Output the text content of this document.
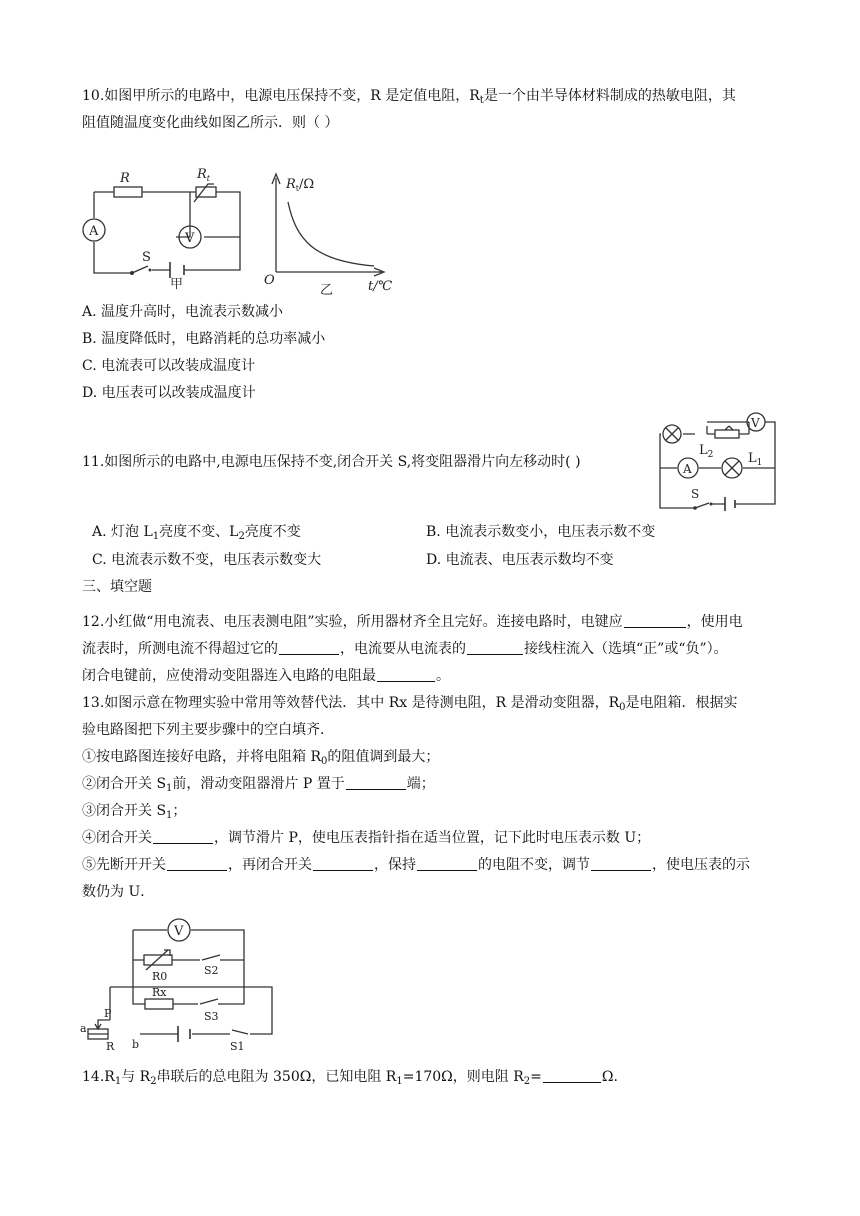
10.如图甲所示的电路中，电源电压保持不变，R 是定值电阻，$R_t$是一个由半导体材料制成的热敏电阻，其
阻值随温度变化曲线如图乙所示．则（ ）
A	V
R	$R_t$
S
甲
$R_t/\Omega$
O
乙	t/℃
A. 温度升高时，电流表示数减小
B. 温度降低时，电路消耗的总功率减小
C. 电流表可以改装成温度计
D. 电压表可以改装成温度计
11.如图所示的电路中,电源电压保持不变,闭合开关 S,将变阻器滑片向左移动时( )
V
A
$L_2$	$L_1$
S
A. 灯泡 $L_1$亮度不变、$L_2$亮度不变	B. 电流表示数变小，电压表示数不变
C. 电流表示数不变，电压表示数变大	D. 电流表、电压表示数均不变
三、填空题
12.小红做“用电流表、电压表测电阻”实验，所用器材齐全且完好。连接电路时，电键应	，使用电
流表时，所测电流不得超过它的	，电流要从电流表的	接线柱流入（选填“正”或“负”）。
闭合电键前，应使滑动变阻器连入电路的电阻最	。
13.如图示意在物理实验中常用等效替代法．其中 Rx 是待测电阻，R 是滑动变阻器，$R_0$是电阻箱．根据实
验电路图把下列主要步骤中的空白填齐．
①按电路图连接好电路，并将电阻箱 $R_0$的阻值调到最大；
②闭合开关 $S_1$前，滑动变阻器滑片 P 置于	端；
③闭合开关 $S_1$；
④闭合开关	，调节滑片 P，使电压表指针指在适当位置，记下此时电压表示数 U；
⑤先断开开关	，再闭合开关	，保持	的电阻不变，调节	，使电压表的示
数仍为 U．
V
R0	S2
Rx
S3
P
a
R b	S1
$14.R_1$与 $R_2$串联后的总电阻为 350Ω，已知电阻 $R_1=170\Omega$，则电阻 $R_2=$	Ω.
